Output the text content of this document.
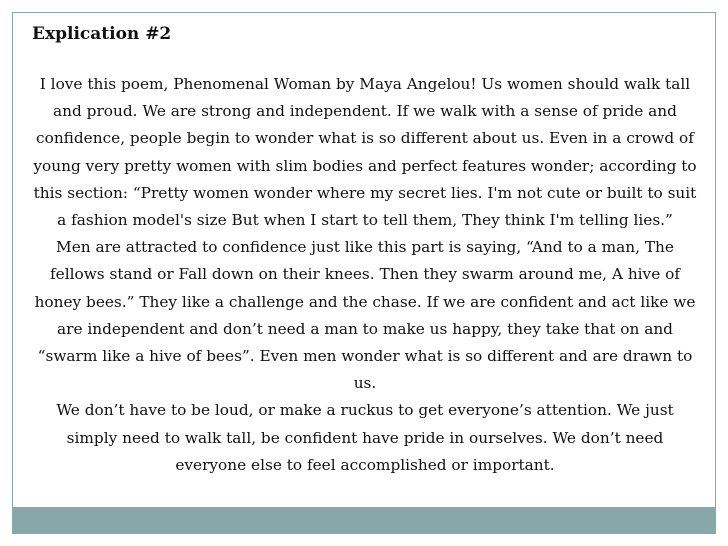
Explication #2

I love this poem, Phenomenal Woman by Maya Angelou! Us women should walk tall and proud. We are strong and independent. If we walk with a sense of pride and confidence, people begin to wonder what is so different about us. Even in a crowd of young very pretty women with slim bodies and perfect features wonder; according to this section: “Pretty women wonder where my secret lies. I'm not cute or built to suit a fashion model's size But when I start to tell them, They think I'm telling lies.”

Men are attracted to confidence just like this part is saying, “And to a man, The fellows stand or Fall down on their knees. Then they swarm around me, A hive of honey bees.” They like a challenge and the chase. If we are confident and act like we are independent and don’t need a man to make us happy, they take that on and “swarm like a hive of bees”. Even men wonder what is so different and are drawn to us.

We don’t have to be loud, or make a ruckus to get everyone’s attention. We just simply need to walk tall, be confident have pride in ourselves. We don’t need everyone else to feel accomplished or important.
